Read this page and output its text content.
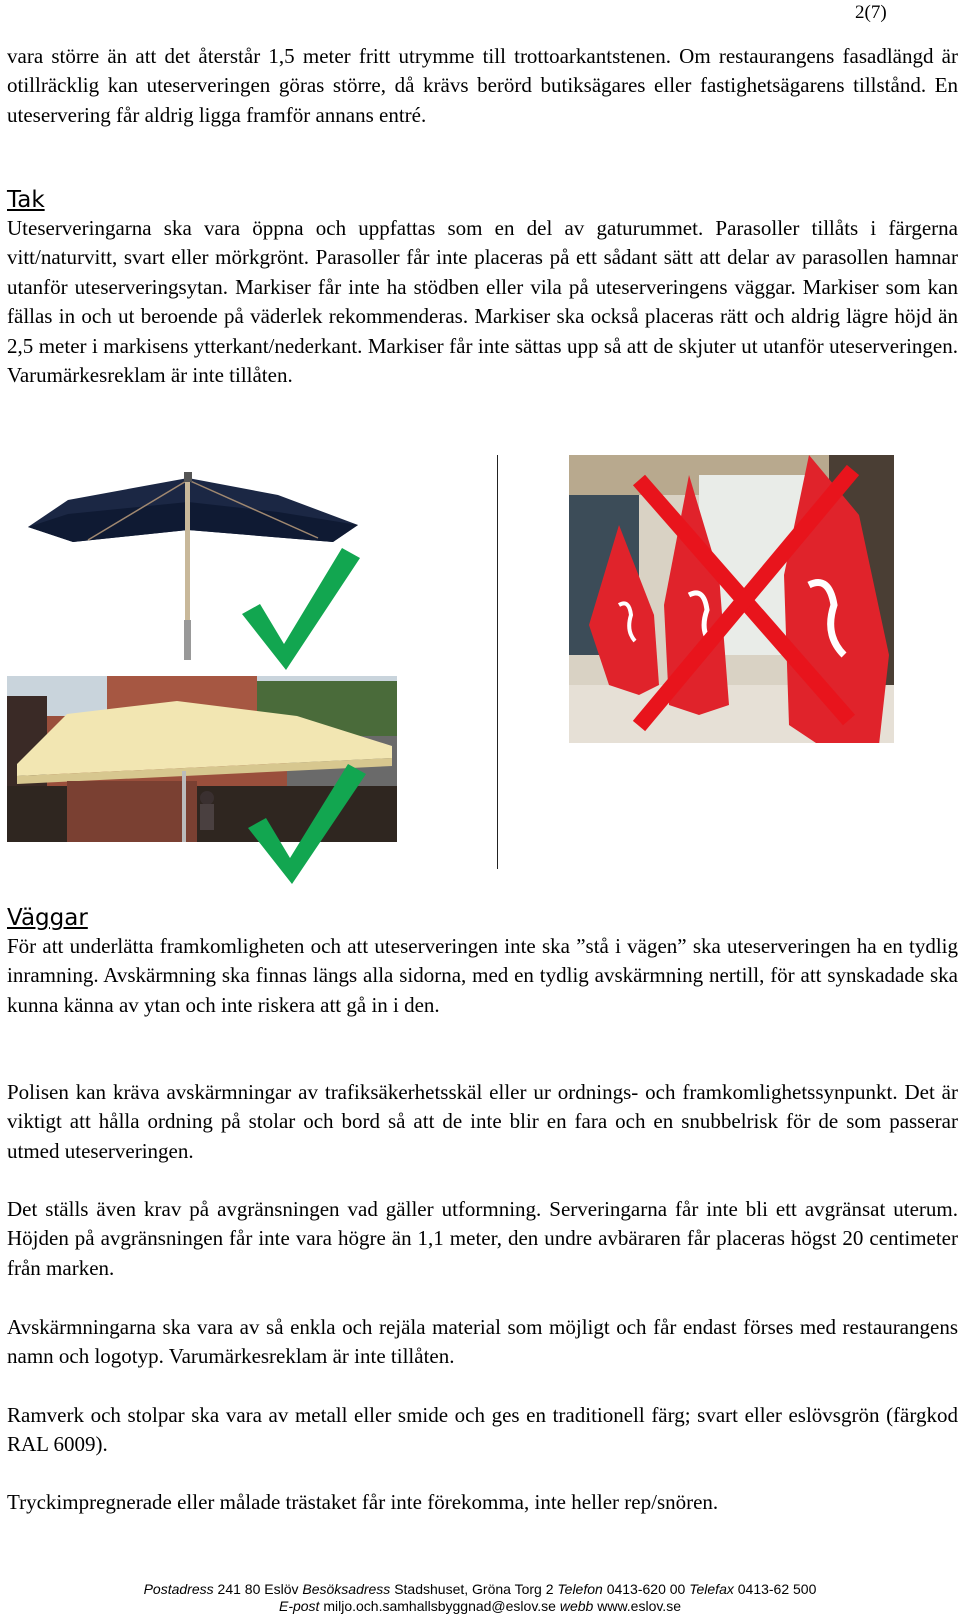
2(7)

vara större än att det återstår 1,5 meter fritt utrymme till trottoarkantstenen. Om restaurangens fasadlängd är otillräcklig kan uteserveringen göras större, då krävs berörd butiksägares eller fastighetsägarens tillstånd. En uteservering får aldrig ligga framför annans entré.

Tak

Uteserveringarna ska vara öppna och uppfattas som en del av gaturummet. Parasoller tillåts i färgerna vitt/naturvitt, svart eller mörkgrönt. Parasoller får inte placeras på ett sådant sätt att delar av parasollen hamnar utanför uteserveringsytan. Markiser får inte ha stödben eller vila på uteserveringens väggar. Markiser som kan fällas in och ut beroende på väderlek rekommenderas. Markiser ska också placeras rätt och aldrig lägre höjd än 2,5 meter i markisens ytterkant/nederkant. Markiser får inte sättas upp så att de skjuter ut utanför uteserveringen. Varumärkesreklam är inte tillåten.

Väggar

För att underlätta framkomligheten och att uteserveringen inte ska ”stå i vägen” ska uteserveringen ha en tydlig inramning. Avskärmning ska finnas längs alla sidorna, med en tydlig avskärmning nertill, för att synskadade ska kunna känna av ytan och inte riskera att gå in i den.

Polisen kan kräva avskärmningar av trafiksäkerhetsskäl eller ur ordnings- och framkomlighetssynpunkt. Det är viktigt att hålla ordning på stolar och bord så att de inte blir en fara och en snubbelrisk för de som passerar utmed uteserveringen.

Det ställs även krav på avgränsningen vad gäller utformning. Serveringarna får inte bli ett avgränsat uterum. Höjden på avgränsningen får inte vara högre än 1,1 meter, den undre avbäraren får placeras högst 20 centimeter från marken.

Avskärmningarna ska vara av så enkla och rejäla material som möjligt och får endast förses med restaurangens namn och logotyp. Varumärkesreklam är inte tillåten.

Ramverk och stolpar ska vara av metall eller smide och ges en traditionell färg; svart eller eslövsgrön (färgkod RAL 6009).

Tryckimpregnerade eller målade trästaket får inte förekomma, inte heller rep/snören.

Postadress 241 80 Eslöv Besöksadress Stadshuset, Gröna Torg 2 Telefon 0413-620 00 Telefax 0413-62 500
E-post miljo.och.samhallsbyggnad@eslov.se webb www.eslov.se
